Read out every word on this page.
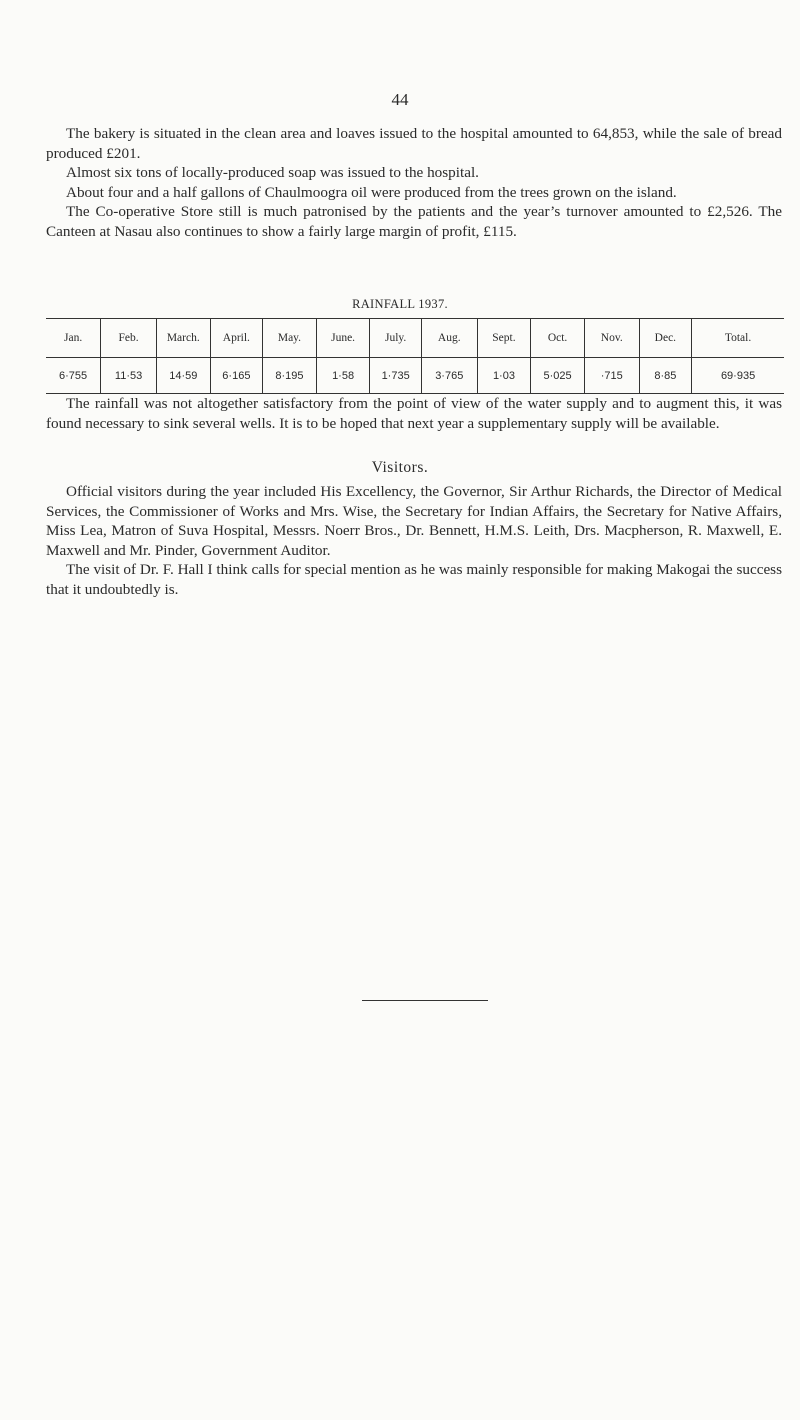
44

The bakery is situated in the clean area and loaves issued to the hospital amounted to 64,853, while the sale of bread produced £201.

Almost six tons of locally-produced soap was issued to the hospital.

About four and a half gallons of Chaulmoogra oil were produced from the trees grown on the island.

The Co-operative Store still is much patronised by the patients and the year’s turnover amounted to £2,526. The Canteen at Nasau also continues to show a fairly large margin of profit, £115.

RAINFALL 1937.
Jan.	Feb.	March.	April.	May.	June.	July.	Aug.	Sept.	Oct.	Nov.	Dec.	Total.
6·755	11·53	14·59	6·165	8·195	1·58	1·735	3·765	1·03	5·025	·715	8·85	69·935

The rainfall was not altogether satisfactory from the point of view of the water supply and to augment this, it was found necessary to sink several wells. It is to be hoped that next year a supplementary supply will be available.

Visitors.

Official visitors during the year included His Excellency, the Governor, Sir Arthur Richards, the Director of Medical Services, the Commissioner of Works and Mrs. Wise, the Secretary for Indian Affairs, the Secretary for Native Affairs, Miss Lea, Matron of Suva Hospital, Messrs. Noerr Bros., Dr. Bennett, H.M.S. Leith, Drs. Macpherson, R. Maxwell, E. Maxwell and Mr. Pinder, Government Auditor.

The visit of Dr. F. Hall I think calls for special mention as he was mainly responsible for making Makogai the success that it undoubtedly is.
